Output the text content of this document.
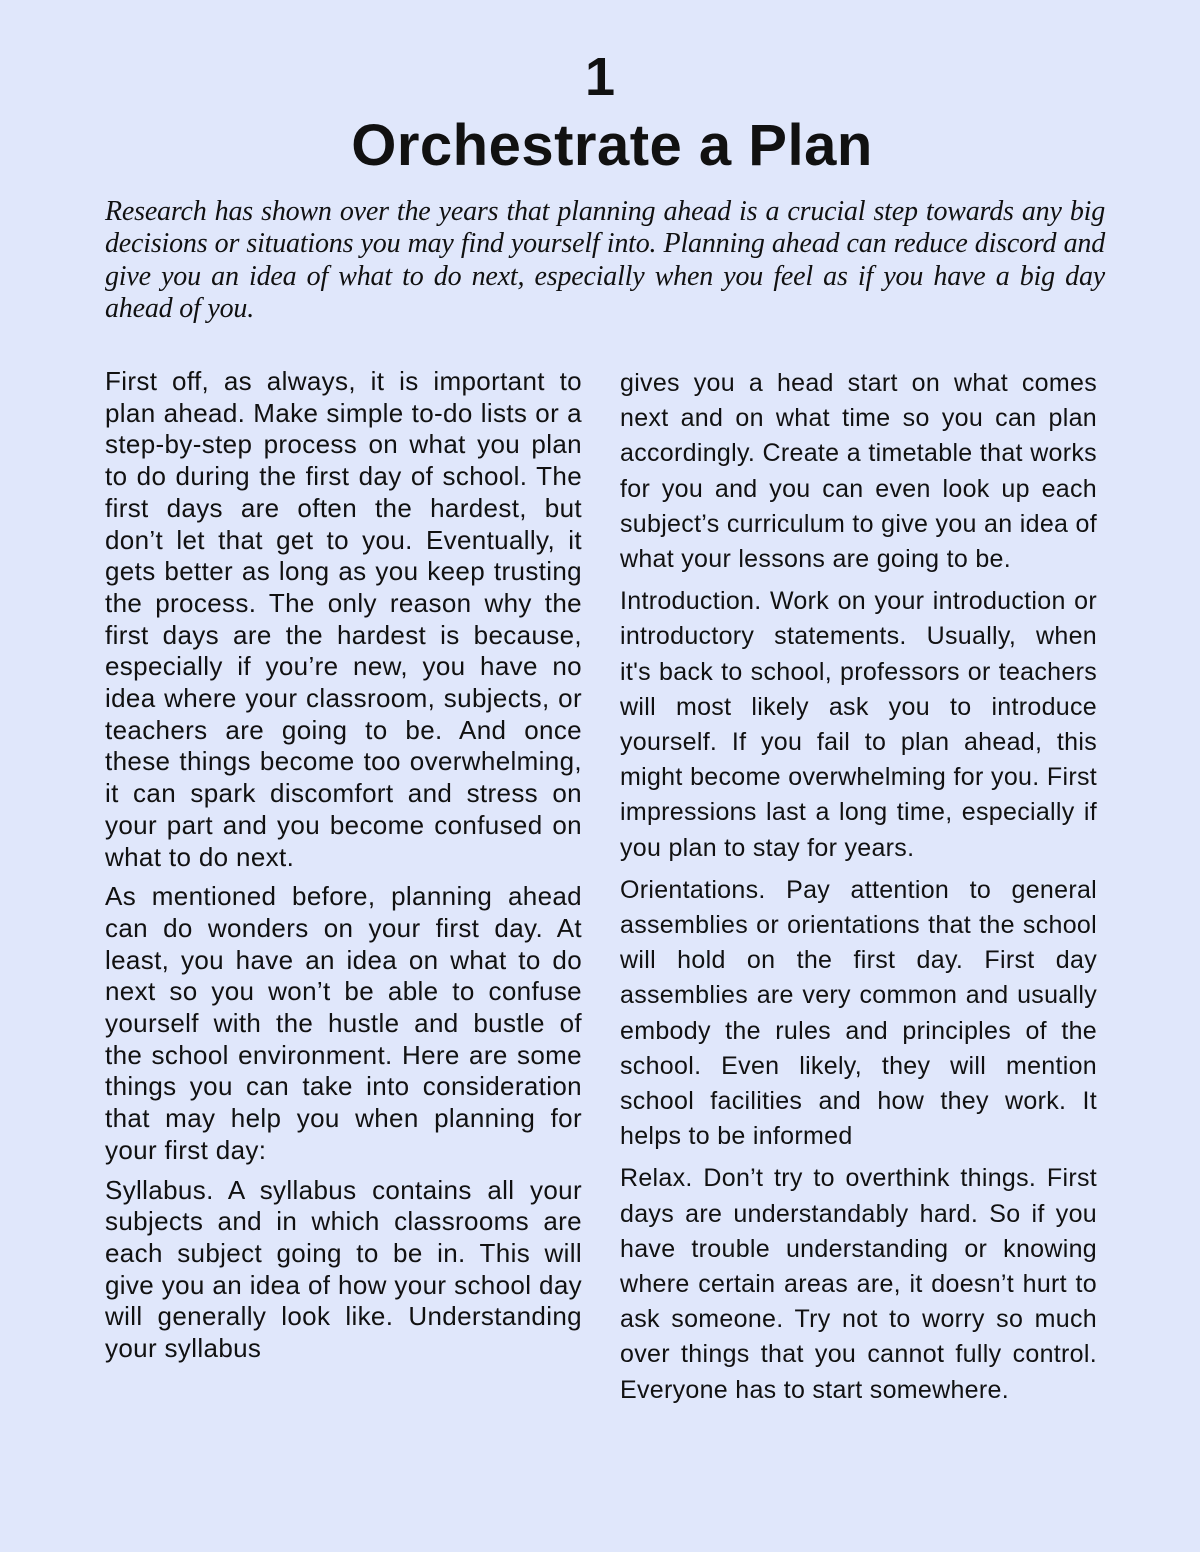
1
Orchestrate a Plan

Research has shown over the years that planning ahead is a crucial step towards any big decisions or situations you may find yourself into. Planning ahead can reduce discord and give you an idea of what to do next, especially when you feel as if you have a big day ahead of you.

First off, as always, it is important to plan ahead. Make simple to-do lists or a step-by-step process on what you plan to do during the first day of school. The first days are often the hardest, but don’t let that get to you. Eventually, it gets better as long as you keep trusting the process. The only reason why the first days are the hardest is because, especially if you’re new, you have no idea where your classroom, subjects, or teachers are going to be. And once these things become too overwhelming, it can spark discomfort and stress on your part and you become confused on what to do next.

As mentioned before, planning ahead can do wonders on your first day. At least, you have an idea on what to do next so you won’t be able to confuse yourself with the hustle and bustle of the school environment. Here are some things you can take into consideration that may help you when planning for your first day:

Syllabus. A syllabus contains all your subjects and in which classrooms are each subject going to be in. This will give you an idea of how your school day will generally look like. Understanding your syllabus

gives you a head start on what comes next and on what time so you can plan accordingly. Create a timetable that works for you and you can even look up each subject’s curriculum to give you an idea of what your lessons are going to be.

Introduction. Work on your introduction or introductory statements. Usually, when it's back to school, professors or teachers will most likely ask you to introduce yourself. If you fail to plan ahead, this might become overwhelming for you. First impressions last a long time, especially if you plan to stay for years.

Orientations. Pay attention to general assemblies or orientations that the school will hold on the first day. First day assemblies are very common and usually embody the rules and principles of the school. Even likely, they will mention school facilities and how they work. It helps to be informed

Relax. Don’t try to overthink things. First days are understandably hard. So if you have trouble understanding or knowing where certain areas are, it doesn’t hurt to ask someone. Try not to worry so much over things that you cannot fully control. Everyone has to start somewhere.
